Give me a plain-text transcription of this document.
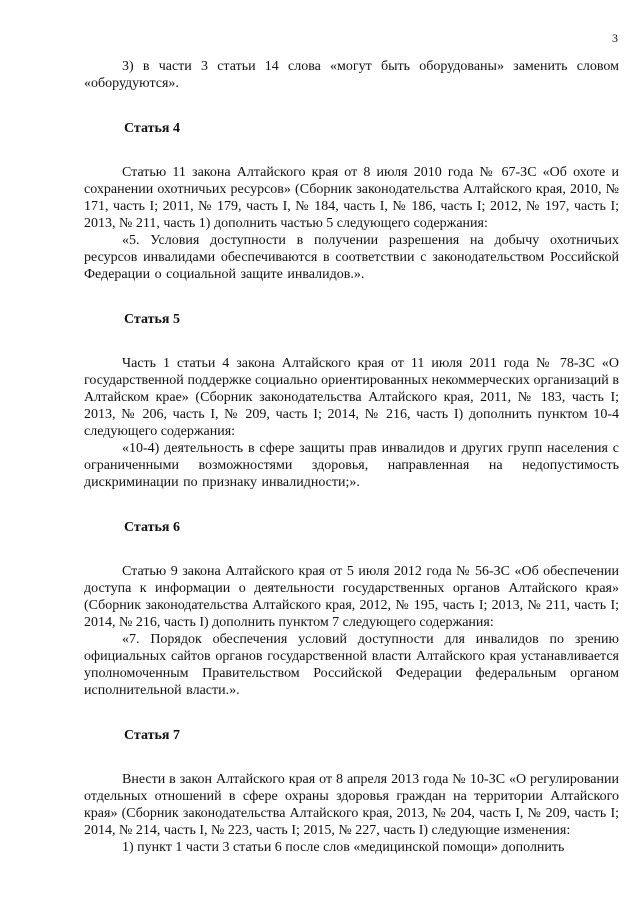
3

3) в части 3 статьи 14 слова «могут быть оборудованы» заменить словом «оборудуются».

Статья 4

Статью 11 закона Алтайского края от 8 июля 2010 года № 67-ЗС «Об охоте и сохранении охотничьих ресурсов» (Сборник законодательства Алтайского края, 2010, № 171, часть I; 2011, № 179, часть I, № 184, часть I, № 186, часть I; 2012, № 197, часть I; 2013, № 211, часть 1) дополнить частью 5 следующего содержания:

«5. Условия доступности в получении разрешения на добычу охотничьих ресурсов инвалидами обеспечиваются в соответствии с законодательством Российской Федерации о социальной защите инвалидов.».

Статья 5

Часть 1 статьи 4 закона Алтайского края от 11 июля 2011 года № 78-ЗС «О государственной поддержке социально ориентированных некоммерческих организаций в Алтайском крае» (Сборник законодательства Алтайского края, 2011, № 183, часть I; 2013, № 206, часть I, № 209, часть I; 2014, № 216, часть I) дополнить пунктом 10-4 следующего содержания:

«10-4) деятельность в сфере защиты прав инвалидов и других групп населения с ограниченными возможностями здоровья, направленная на недопустимость дискриминации по признаку инвалидности;».

Статья 6

Статью 9 закона Алтайского края от 5 июля 2012 года № 56-ЗС «Об обеспечении доступа к информации о деятельности государственных органов Алтайского края» (Сборник законодательства Алтайского края, 2012, № 195, часть I; 2013, № 211, часть I; 2014, № 216, часть I) дополнить пунктом 7 следующего содержания:

«7. Порядок обеспечения условий доступности для инвалидов по зрению официальных сайтов органов государственной власти Алтайского края устанавливается уполномоченным Правительством Российской Федерации федеральным органом исполнительной власти.».

Статья 7

Внести в закон Алтайского края от 8 апреля 2013 года № 10-ЗС «О регулировании отдельных отношений в сфере охраны здоровья граждан на территории Алтайского края» (Сборник законодательства Алтайского края, 2013, № 204, часть I, № 209, часть I; 2014, № 214, часть I, № 223, часть I; 2015, № 227, часть I) следующие изменения:

1) пункт 1 части 3 статьи 6 после слов «медицинской помощи» дополнить
